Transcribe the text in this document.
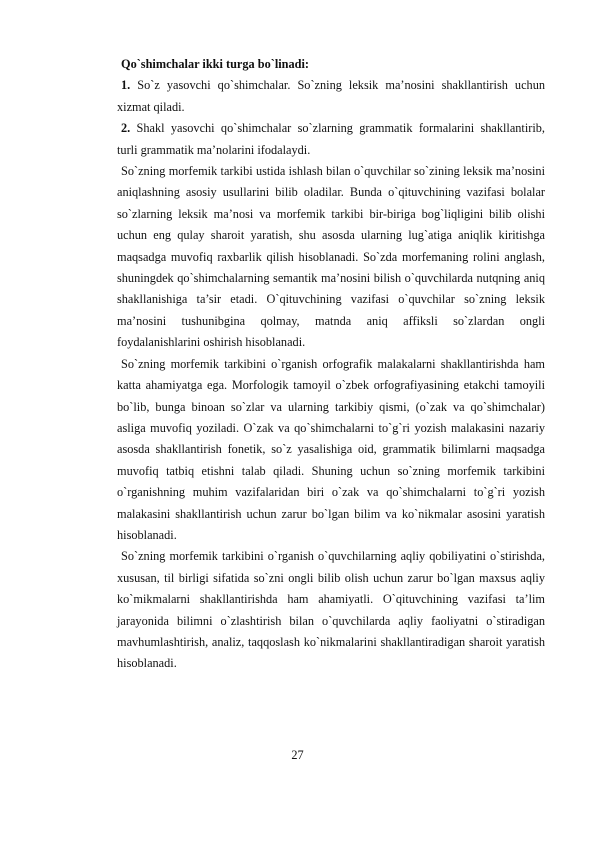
27

Qo`shimchalar ikki turga bo`linadi:

1. So`z yasovchi qo`shimchalar. So`zning leksik ma’nosini shakllantirish uchun xizmat qiladi.

2. Shakl yasovchi qo`shimchalar so`zlarning grammatik formalarini shakllantirib, turli grammatik ma’nolarini ifodalaydi.

So`zning morfemik tarkibi ustida ishlash bilan o`quvchilar so`zining leksik ma’nosini aniqlashning asosiy usullarini bilib oladilar. Bunda o`qituvchining vazifasi bolalar so`zlarning leksik ma’nosi va morfemik tarkibi bir-biriga bog`liqligini bilib olishi uchun eng qulay sharoit yaratish, shu asosda ularning lug`atiga aniqlik kiritishga maqsadga muvofiq raxbarlik qilish hisoblanadi. So`zda morfemaning rolini anglash, shuningdek qo`shimchalarning semantik ma’nosini bilish o`quvchilarda nutqning aniq shakllanishiga ta’sir etadi. O`qituvchining vazifasi o`quvchilar so`zning leksik ma’nosini tushunibgina qolmay, matnda aniq affiksli so`zlardan ongli foydalanishlarini oshirish hisoblanadi.

So`zning morfemik tarkibini o`rganish orfografik malakalarni shakllantirishda ham katta ahamiyatga ega. Morfologik tamoyil o`zbek orfografiyasining etakchi tamoyili bo`lib, bunga binoan so`zlar va ularning tarkibiy qismi, (o`zak va qo`shimchalar) asliga muvofiq yoziladi. O`zak va qo`shimchalarni to`g`ri yozish malakasini nazariy asosda shakllantirish fonetik, so`z yasalishiga oid, grammatik bilimlarni maqsadga muvofiq tatbiq etishni talab qiladi. Shuning uchun so`zning morfemik tarkibini o`rganishning muhim vazifalaridan biri o`zak va qo`shimchalarni to`g`ri yozish malakasini shakllantirish uchun zarur bo`lgan bilim va ko`nikmalar asosini yaratish hisoblanadi.

So`zning morfemik tarkibini o`rganish o`quvchilarning aqliy qobiliyatini o`stirishda, xususan, til birligi sifatida so`zni ongli bilib olish uchun zarur bo`lgan maxsus aqliy ko`mikmalarni shakllantirishda ham ahamiyatli. O`qituvchining vazifasi ta’lim jarayonida bilimni o`zlashtirish bilan o`quvchilarda aqliy faoliyatni o`stiradigan mavhumlashtirish, analiz, taqqoslash ko`nikmalarini shakllantiradigan sharoit yaratish hisoblanadi.
